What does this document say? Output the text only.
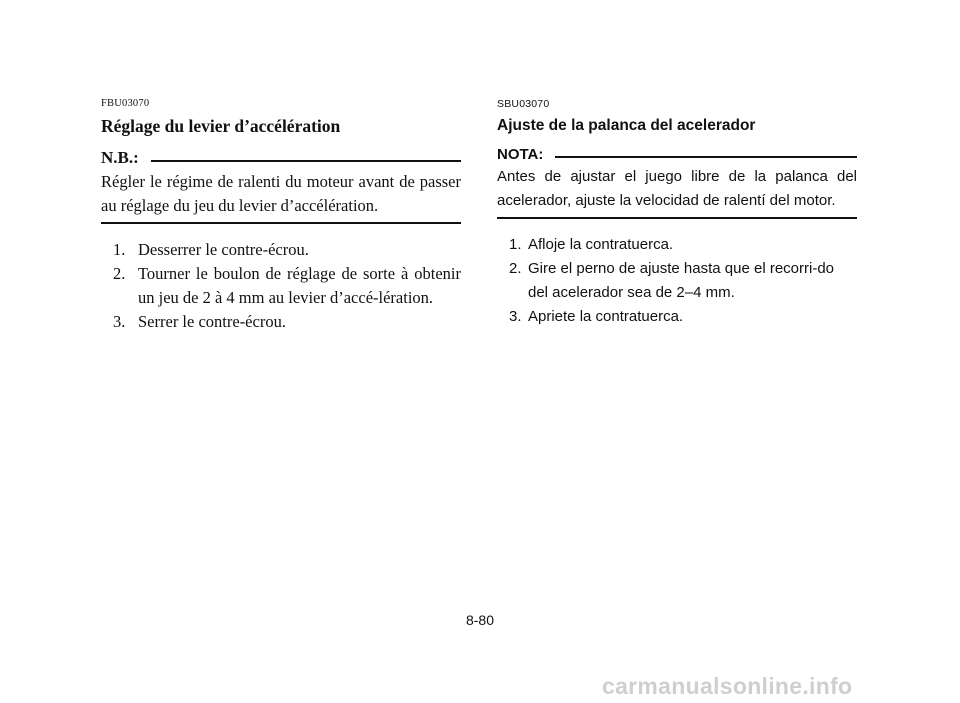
FBU03070
Réglage du levier d’accélération
N.B.:
Régler le régime de ralenti du moteur avant de passer au réglage du jeu du levier d’accélération.
1. Desserrer le contre-écrou.
2. Tourner le boulon de réglage de sorte à obtenir un jeu de 2 à 4 mm au levier d’accé-lération.
3. Serrer le contre-écrou.
SBU03070
Ajuste de la palanca del acelerador
NOTA:
Antes de ajustar el juego libre de la palanca del acelerador, ajuste la velocidad de ralentí del motor.
1. Afloje la contratuerca.
2. Gire el perno de ajuste hasta que el recorri-do del acelerador sea de 2–4 mm.
3. Apriete la contratuerca.
8-80
carmanualsonline.info
